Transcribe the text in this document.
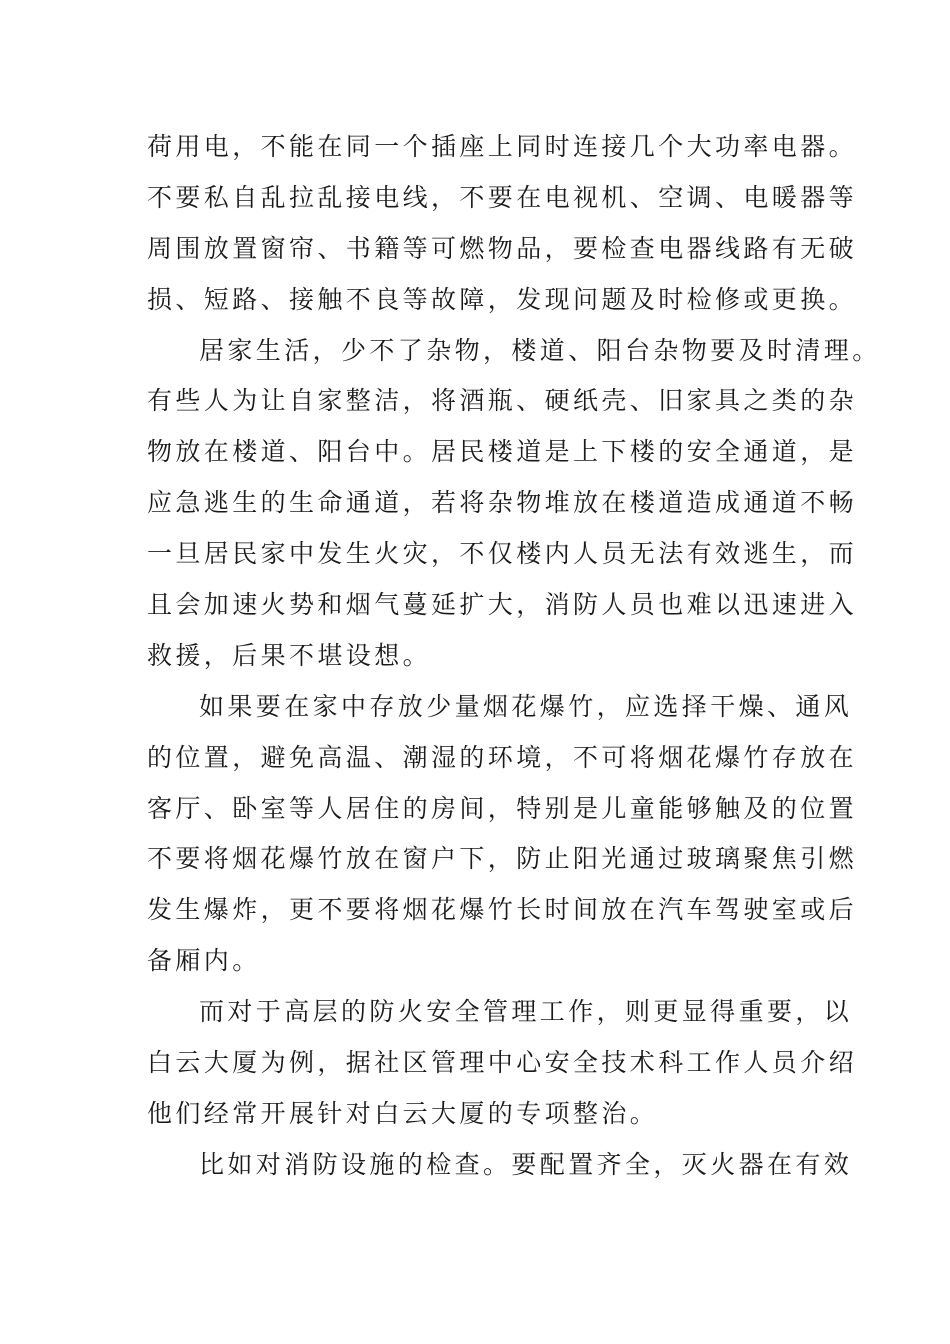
荷用电，不能在同一个插座上同时连接几个大功率电器。
不要私自乱拉乱接电线，不要在电视机、空调、电暖器等
周围放置窗帘、书籍等可燃物品，要检查电器线路有无破
损、短路、接触不良等故障，发现问题及时检修或更换。
居家生活，少不了杂物，楼道、阳台杂物要及时清理。
有些人为让自家整洁，将酒瓶、硬纸壳、旧家具之类的杂
物放在楼道、阳台中。居民楼道是上下楼的安全通道，是
应急逃生的生命通道，若将杂物堆放在楼道造成通道不畅
一旦居民家中发生火灾，不仅楼内人员无法有效逃生，而
且会加速火势和烟气蔓延扩大，消防人员也难以迅速进入
救援，后果不堪设想。
如果要在家中存放少量烟花爆竹，应选择干燥、通风
的位置，避免高温、潮湿的环境，不可将烟花爆竹存放在
客厅、卧室等人居住的房间，特别是儿童能够触及的位置
不要将烟花爆竹放在窗户下，防止阳光通过玻璃聚焦引燃
发生爆炸，更不要将烟花爆竹长时间放在汽车驾驶室或后
备厢内。
而对于高层的防火安全管理工作，则更显得重要，以
白云大厦为例，据社区管理中心安全技术科工作人员介绍
他们经常开展针对白云大厦的专项整治。
比如对消防设施的检查。要配置齐全，灭火器在有效
